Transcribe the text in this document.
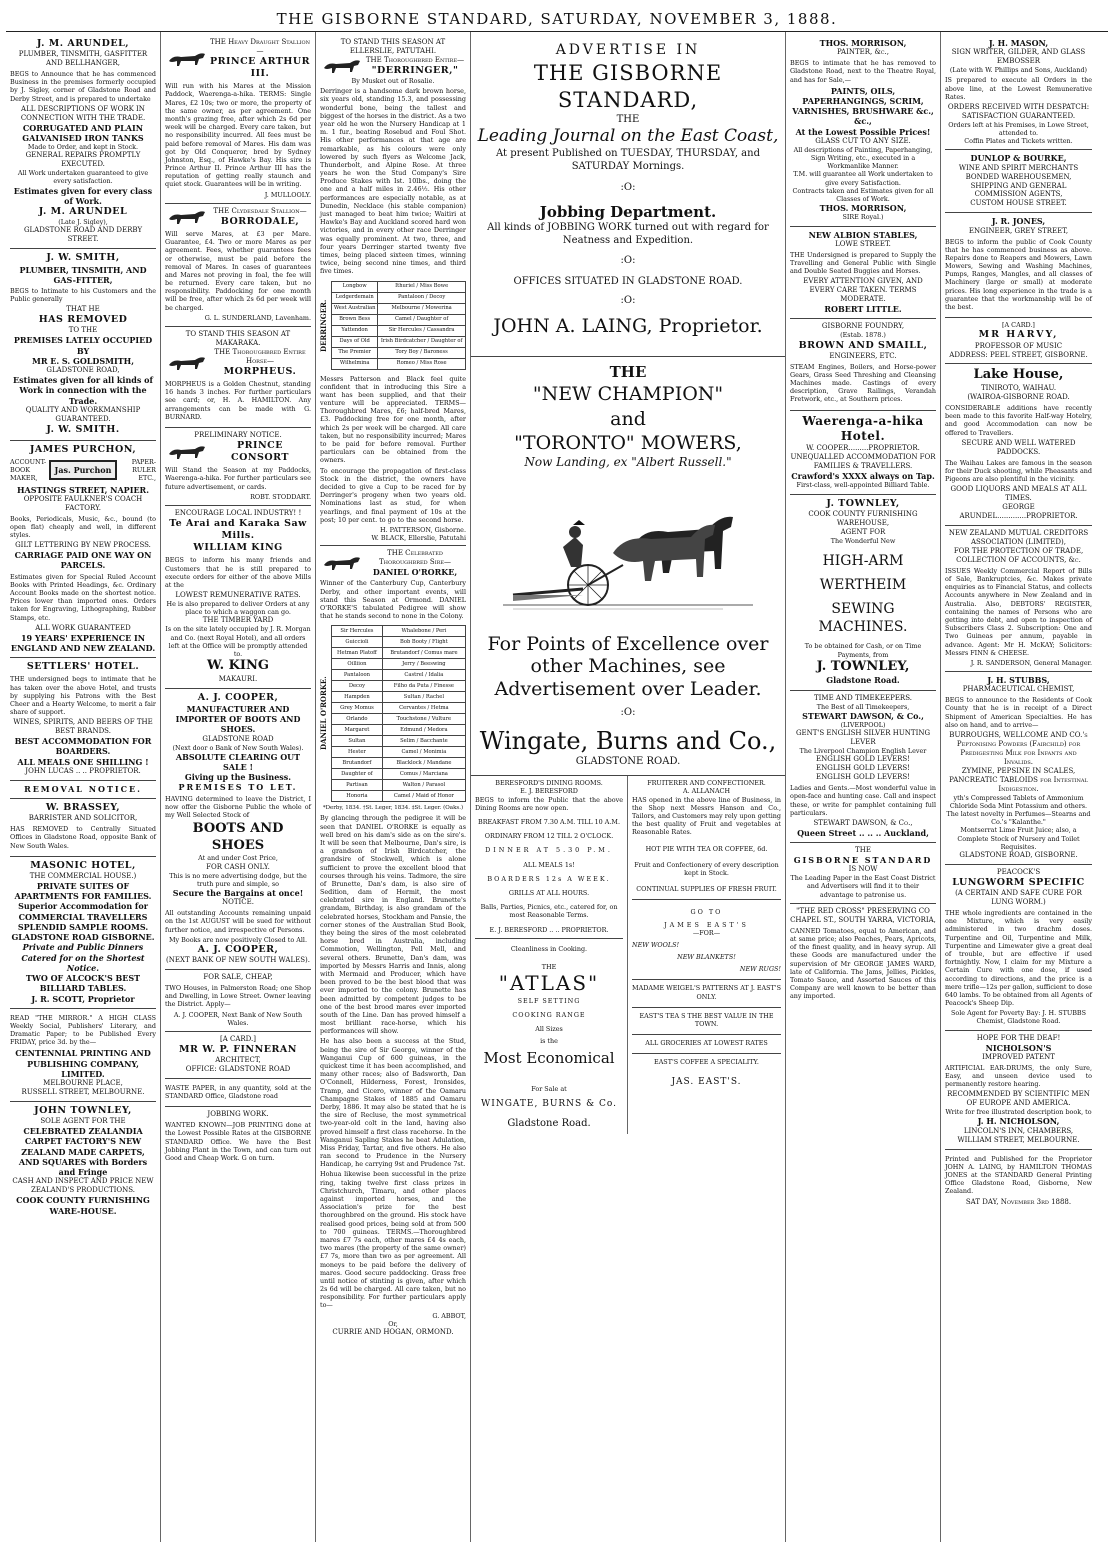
THE GISBORNE STANDARD, SATURDAY, NOVEMBER 3, 1888.
J. M. ARUNDEL,
PLUMBER, TINSMITH, GASFITTER AND BELLHANGER,

BEGS to Announce that he has commenced Business in the premises formerly occupied by J. Sigley, corner of Gladstone Road and Derby Street, and is prepared to undertake

ALL DESCRIPTIONS OF WORK IN CONNECTION WITH THE TRADE.
CORRUGATED AND PLAIN GALVANISED IRON TANKS
Made to Order, and kept in Stock.
GENERAL REPAIRS PROMPTLY EXECUTED.
All Work undertaken guaranteed to give every satisfaction.
Estimates given for every class of Work.
J. M. ARUNDEL
(Late J. Sigley),
GLADSTONE ROAD AND DERBY STREET.
J. W. SMITH,
PLUMBER, TINSMITH, AND GAS-FITTER,

BEGS to Intimate to his Customers and the Public generally

THAT HE
HAS REMOVED
TO THE
PREMISES LATELY OCCUPIED BY
MR E. S. GOLDSMITH,
GLADSTONE ROAD,
Estimates given for all kinds of Work in connection with the Trade.
QUALITY AND WORKMANSHIP GUARANTEED.
J. W. SMITH.
JAMES PURCHON,
ACCOUNT-BOOK MAKER,
Jas. Purchon
PAPER-RULER ETC.,
HASTINGS STREET, NAPIER.
OPPOSITE FAULKNER'S COACH FACTORY.

Books, Periodicals, Music, &c., bound (to open flat) cheaply and well, in different styles.

GILT LETTERING BY NEW PROCESS.
CARRIAGE PAID ONE WAY ON PARCELS.

Estimates given for Special Ruled Account Books with Printed Headings, &c. Ordinary Account Books made on the shortest notice. Prices lower than imported ones. Orders taken for Engraving, Lithographing, Rubber Stamps, etc.

ALL WORK GUARANTEED
19 YEARS' EXPERIENCE IN ENGLAND AND NEW ZEALAND.
SETTLERS' HOTEL.

THE undersigned begs to intimate that he has taken over the above Hotel, and trusts by supplying his Patrons with the Best Cheer and a Hearty Welcome, to merit a fair share of support.

WINES, SPIRITS, AND BEERS OF THE BEST BRANDS.
BEST ACCOMMODATION FOR BOARDERS.
ALL MEALS ONE SHILLING !
JOHN LUCAS .. .. PROPRIETOR.
REMOVAL NOTICE.
W. BRASSEY,
BARRISTER AND SOLICITOR,

HAS REMOVED to Centrally Situated Offices in Gladstone Road, opposite Bank of New South Wales.

MASONIC HOTEL,
THE COMMERCIAL HOUSE.)
PRIVATE SUITES OF APARTMENTS FOR FAMILIES.
Superior Accommodation for COMMERCIAL TRAVELLERS
SPLENDID SAMPLE ROOMS.
GLADSTONE ROAD GISBORNE.
Private and Public Dinners Catered for on the Shortest Notice.
TWO OF ALCOCK'S BEST BILLIARD TABLES.
J. R. SCOTT, Proprietor

READ "THE MIRROR." A HIGH CLASS Weekly Social, Publishers' Literary, and Dramatic Paper; to be Published Every FRIDAY, price 3d. by the—

CENTENNIAL PRINTING AND PUBLISHING COMPANY, LIMITED.
MELBOURNE PLACE,
RUSSELL STREET, MELBOURNE.
JOHN TOWNLEY,
SOLE AGENT FOR THE
CELEBRATED ZEALANDIA CARPET FACTORY'S NEW ZEALAND MADE CARPETS, AND SQUARES with Borders and Fringe
CASH AND INSPECT AND PRICE NEW ZEALAND'S PRODUCTIONS.
COOK COUNTY FURNISHING WARE-HOUSE.
THE Heavy Draught Stallion—
PRINCE ARTHUR III.

Will run with his Mares at the Mission Paddock, Waerenga-a-hika. TERMS: Single Mares, £2 10s; two or more, the property of the same owner, as per agreement. One month's grazing free, after which 2s 6d per week will be charged. Every care taken, but no responsibility incurred. All fees must be paid before removal of Mares. His dam was got by Old Conqueror, bred by Sydney Johnston, Esq., of Hawke's Bay. His sire is Prince Arthur II. Prince Arthur III has the reputation of getting really staunch and quiet stock. Guarantees will be in writing.

J. MULLOOLY.
THE Clydesdale Stallion—
BORRODALE,

Will serve Mares, at £3 per Mare. Guarantee, £4. Two or more Mares as per agreement. Fees, whether guarantees fees or otherwise, must be paid before the removal of Mares. In cases of guarantees and Mares not proving in foal, the fee will be returned. Every care taken, but no responsibility. Paddocking for one month will be free, after which 2s 6d per week will be charged.

G. L. SUNDERLAND, Lavenham.
TO STAND THIS SEASON AT MAKARAKA.
THE Thoroughbred Entire Horse—
MORPHEUS.

MORPHEUS is a Golden Chestnut, standing 16 hands 3 inches. For further particulars see card; or, H. A. HAMILTON. Any arrangements can be made with G. BURNARD.

PRELIMINARY NOTICE.
PRINCE CONSORT

Will Stand the Season at my Paddocks, Waerenga-a-hika. For further particulars see future advertisement, or cards.

ROBT. STODDART.
ENCOURAGE LOCAL INDUSTRY! !
Te Arai and Karaka Saw Mills.
WILLIAM KING

BEGS to inform his many friends and Customers that he is still prepared to execute orders for either of the above Mills at the

LOWEST REMUNERATIVE RATES.
He is also prepared to deliver Orders at any place to which a waggon can go.
THE TIMBER YARD
Is on the site lately occupied by J. R. Morgan and Co. (next Royal Hotel), and all orders left at the Office will be promptly attended to.
W. KING
MAKAURI.
A. J. COOPER,
MANUFACTURER AND IMPORTER OF BOOTS AND SHOES.
GLADSTONE ROAD
(Next door o Bank of New South Wales).
ABSOLUTE CLEARING OUT SALE !
Giving up the Business.
PREMISES TO LET.

HAVING determined to leave the District, I now offer the Gisborne Public the whole of my Well Selected Stock of

BOOTS AND SHOES
At and under Cost Price,
FOR CASH ONLY.
This is no mere advertising dodge, but the truth pure and simple, so
Secure the Bargains at once!
NOTICE.

All outstanding Accounts remaining unpaid on the 1st AUGUST will be sued for without further notice, and irrespective of Persons.

My Books are now positively Closed to All.
A. J. COOPER,
(NEXT BANK OF NEW SOUTH WALES).
FOR SALE, CHEAP,

TWO Houses, in Palmerston Road; one Shop and Dwelling, in Lowe Street. Owner leaving the District. Apply—

A. J. COOPER, Next Bank of New South Wales.
[A CARD.]
MR W. P. FINNERAN
ARCHITECT,
OFFICE: GLADSTONE ROAD

WASTE PAPER, in any quantity, sold at the STANDARD Office, Gladstone road

JOBBING WORK.

WANTED KNOWN—JOB PRINTING done at the Lowest Possible Rates at the GISBORNE STANDARD Office. We have the Best Jobbing Plant in the Town, and can turn out Good and Cheap Work. G on turn.

TO STAND THIS SEASON AT ELLERSLIE, PATUTAHI.
THE Thoroughbred Entire—
"DERRINGER,"
By Musket out of Rosalie.

Derringer is a handsome dark brown horse, six years old, standing 15.3, and possessing wonderful bone, being the tallest and biggest of the horses in the district. As a two year old he won the Nursery Handicap at 1 m. 1 fur., beating Rosebud and Foul Shot. His other performances at that age are remarkable, as his colours were only lowered by such flyers as Welcome Jack, Thunderbolt, and Alpine Rose. At three years he won the Stud Company's Sire Produce Stakes with Ist. 10lbs., doing the one and a half miles in 2.46½. His other performances are especially notable, as at Dunedin, Necklace (his stable companion) just managed to beat him twice; Waitiri at Hawke's Bay and Auckland scored hard won victories, and in every other race Derringer was equally prominent. At two, three, and four years Derringer started twenty five times, being placed sixteen times, winning twice, being second nine times, and third five times.

DERRINGER.
Longbow	Ithuriel / Miss Bowe
Ledgerdemain	Pantaloon / Decoy
West Australian	Melbourne / Mowerina
Brown Bess	Camel / Daughter of
Yattendon	Sir Hercules / Cassandra
Days of Old	Irish Birdcatcher / Daughter of
The Premier	Tory Boy / Baroness
Wilhelmina	Romeo / Miss Rose

Messrs Patterson and Black feel quite confident that in introducing this Sire a want has been supplied, and that their venture will be appreciated. TERMS—Thoroughbred Mares, £6; half-bred Mares, £3. Paddocking free for one month, after which 2s per week will be charged. All care taken, but no responsibility incurred; Mares to be paid for before removal. Further particulars can be obtained from the owners.

To encourage the propagation of first-class Stock in the district, the owners have decided to give a Cup to be raced for by Derringer's progeny when two years old. Nominations last as stud, for when yearlings, and final payment of 10s at the post; 10 per cent. to go to the second horse.

H. PATTERSON, Gisborne.
W. BLACK, Ellerslie, Patutahi
THE Celebrated Thoroughbred Sire—
DANIEL O'RORKE,

Winner of the Canterbury Cup, Canterbury Derby, and other important events, will stand this Season at Ormond. DANIEL O'RORKE'S tabulated Pedigree will show that he stands second to none in the Colony.

DANIEL O'RORKE.
Sir Hercules	Whalebone / Peri
Guiccioli	Bob Booty / Flight
Hetman Platoff	Brutandorf / Comus mare
Oilliion	Jerry / Beeswing
Pantaloon	Castrel / Idalia
Decoy	Filho da Puta / Finesse
Hampden	Sultan / Rachel
Grey Momus	Cervantes / Hetma
Orlando	Touchstone / Vulture
Margaret	Edmund / Medora
Sultan	Selim / Bacchante
Hester	Camel / Monimia
Brutandorf	Blacklock / Mandane
Daughter of	Comus / Marciana
Partisan	Walton / Parasol
Honoria	Camel / Maid of Honor
*Derby, 1834. †St. Leger, 1834. ‡St. Leger. (Oaks.)

By glancing through the pedigree it will be seen that DANIEL O'RORKE is equally as well bred on his dam's side as on the sire's. It will be seen that Melbourne, Dan's sire, is a grandson of Irish Birdcatcher, the grandsire of Stockwell, which is alone sufficient to prove the excellent blood that courses through his veins. Tadmore, the sire of Brunette, Dan's dam, is also sire of Sedition, dam of Hermit, the most celebrated sire in England. Brunette's grandam, Birthday, is also grandam of the celebrated horses, Stockham and Pansie, the corner stones of the Australian Stud Book, they being the sires of the most celebrated horse bred in Australia, including Commotion, Wellington, Pell Mell, and several others. Brunette, Dan's dam, was imported by Messrs Harris and Innis, along with Mermaid and Producer, which have been proved to be the best blood that was ever imported to the colony. Brunette has been admitted by competent judges to be one of the best brood mares ever imported south of the Line. Dan has proved himself a most brilliant race-horse, which his performances will show.

He has also been a success at the Stud, being the sire of Sir George, winner of the Wanganui Cup of 600 guineas, in the quickest time it has been accomplished, and many other races; also of Badsworth, Dan O'Connell, Hilderness, Forest, Ironsides, Tramp, and Cicero, winner of the Oamaru Champagne Stakes of 1885 and Oamaru Derby, 1886. It may also be stated that he is the sire of Recluse, the most symmetrical two-year-old colt in the land, having also proved himself a first class racehorse. In the Wanganui Sapling Stakes he beat Adulation, Miss Friday, Tartar, and five others. He also ran second to Prudence in the Nursery Handicap, he carrying 9st and Prudence 7st.

Hohua likewise been successful in the prize ring, taking twelve first class prizes in Christchurch, Timaru, and other places against imported horses, and the Association's prize for the best thoroughbred on the ground. His stock have realised good prices, being sold at from 500 to 700 guineas. TERMS.—Thoroughbred mares £7 7s each, other mares £4 4s each, two mares (the property of the same owner) £7 7s, more than two as per agreement. All moneys to be paid before the delivery of mares. Good secure paddocking. Grass free until notice of stinting is given, after which 2s 6d will be charged. All care taken, but no responsibility. For further particulars apply to—

G. ABBOT,
Or,
CURRIE AND HOGAN, ORMOND.
ADVERTISE IN
THE GISBORNE STANDARD,
THE
Leading Journal on the East Coast,
At present Published on TUESDAY, THURSDAY, and SATURDAY Mornings.
:O:
Jobbing Department.
All kinds of JOBBING WORK turned out with regard for Neatness and Expedition.
:O:
OFFICES SITUATED IN GLADSTONE ROAD.
:O:
JOHN A. LAING, Proprietor.
THE
"NEW CHAMPION"
and
"TORONTO" MOWERS,
Now Landing, ex "Albert Russell."
For Points of Excellence over other Machines, see Advertisement over Leader.
:O:
Wingate, Burns and Co.,
GLADSTONE ROAD.
BERESFORD'S DINING ROOMS.
E. J. BERESFORD

BEGS to inform the Public that the above Dining Rooms are now open.

BREAKFAST FROM 7.30 A.M. TILL 10 A.M.
ORDINARY FROM 12 TILL 2 O'CLOCK.
DINNER AT 5.30 P.M.
ALL MEALS 1s!
BOARDERS 12s A WEEK.
GRILLS AT ALL HOURS.
Balls, Parties, Picnics, etc., catered for, on most Reasonable Terms.
E. J. BERESFORD .. .. PROPRIETOR.
Cleanliness in Cooking.
THE
"ATLAS"
SELF SETTING
COOKING RANGE
All Sizes
is the
Most Economical
For Sale at
WINGATE, BURNS & Co.
Gladstone Road.
FRUITERER AND CONFECTIONER.
A. ALLANACH

HAS opened in the above line of Business, in the Shop next Messrs Hanson and Co., Tailors, and Customers may rely upon getting the best quality of Fruit and vegetables at Reasonable Rates.

HOT PIE WITH TEA OR COFFEE, 6d.
Fruit and Confectionery of every description kept in Stock.
CONTINUAL SUPPLIES OF FRESH FRUIT.
GO TO
JAMES EAST'S
—FOR—
NEW WOOLS!
NEW BLANKETS!
NEW RUGS!
MADAME WEIGEL'S PATTERNS AT J. EAST'S ONLY.
EAST'S TEA S THE BEST VALUE IN THE TOWN.
ALL GROCERIES AT LOWEST RATES
EAST'S COFFEE A SPECIALITY.
JAS. EAST'S.
THOS. MORRISON,
PAINTER, &c.,

BEGS to intimate that he has removed to Gladstone Road, next to the Theatre Royal, and has for Sale,—

PAINTS, OILS, PAPERHANGINGS, SCRIM, VARNISHES, BRUSHWARE &c., &c.,
At the Lowest Possible Prices!
GLASS CUT TO ANY SIZE.
All descriptions of Painting, Paperhanging, Sign Writing, etc., executed in a Workmanlike Manner.
T.M. will guarantee all Work undertaken to give every Satisfaction.
Contracts taken and Estimates given for all Classes of Work.
THOS. MORRISON,
SIRE Royal.)
NEW ALBION STABLES,
LOWE STREET.

THE Undersigned is prepared to Supply the Travelling and General Public with Single and Double Seated Buggies and Horses.

EVERY ATTENTION GIVEN, AND EVERY CARE TAKEN. TERMS MODERATE.
ROBERT LITTLE.
GISBORNE FOUNDRY,
(Estab. 1878.)
BROWN AND SMAILL,
ENGINEERS, ETC.

STEAM Engines, Boilers, and Horse-power Gears, Grass Seed Threshing and Cleansing Machines made. Castings of every description, Grave Railings, Verandah Fretwork, etc., at Southern prices.

Waerenga-a-hika Hotel.
W. COOPER.........PROPRIETOR.
UNEQUALLED ACCOMMODATION FOR FAMILIES & TRAVELLERS.
Crawford's XXXX always on Tap.
First-class, well-appointed Billiard Table.
J. TOWNLEY,
COOK COUNTY FURNISHING WAREHOUSE,
AGENT FOR
The Wonderful New
HIGH-ARM
WERTHEIM
SEWING MACHINES.
To be obtained for Cash, or on Time Payments, from
J. TOWNLEY,
Gladstone Road.
TIME AND TIMEKEEPERS.
The Best of all Timekeepers,
STEWART DAWSON, & Co.,
(LIVERPOOL)
GENT'S ENGLISH SILVER HUNTING LEVER
The Liverpool Champion English Lever
ENGLISH GOLD LEVERS!
ENGLISH GOLD LEVERS!
ENGLISH GOLD LEVERS!

Ladies and Gents.—Most wonderful value in open-face and hunting case. Call and inspect these, or write for pamphlet containing full particulars.

STEWART DAWSON, & Co.,
Queen Street .. .. .. Auckland,
THE
GISBORNE STANDARD
IS NOW
The Leading Paper in the East Coast District and Advertisers will find it to their advantage to patronise us.
"THE RED CROSS" PRESERVING CO
CHAPEL ST., SOUTH YARRA, VICTORIA,

CANNED Tomatoes, equal to American, and at same price; also Peaches, Pears, Apricots, of the finest quality, and in heavy syrup. All these Goods are manufactured under the supervision of Mr GEORGE JAMES WARD, late of California. The Jams, Jellies, Pickles, Tomato Sauce, and Assorted Sauces of this Company are well known to be better than any imported.

J. H. MASON,
SIGN WRITER, GILDER, AND GLASS EMBOSSER
(Late with W. Phillips and Sons, Auckland)

IS prepared to execute all Orders in the above line, at the Lowest Remunerative Rates.

ORDERS RECEIVED WITH DESPATCH: SATISFACTION GUARANTEED.
Orders left at his Premises, in Lowe Street, attended to.
Coffin Plates and Tickets written.
DUNLOP & BOURKE,
WINE AND SPIRIT MERCHANTS
BONDED WAREHOUSEMEN,
SHIPPING AND GENERAL COMMISSION AGENTS,
CUSTOM HOUSE STREET.
J. R. JONES,
ENGINEER, GREY STREET,

BEGS to inform the public of Cook County that he has commenced business as above. Repairs done to Reapers and Mowers, Lawn Mowers, Sewing and Washing Machines, Pumps, Ranges, Mangles, and all classes of Machinery (large or small) at moderate prices. His long experience in the trade is a guarantee that the workmanship will be of the best.

[A CARD.]
MR HARVY,
PROFESSOR OF MUSIC
ADDRESS: PEEL STREET, GISBORNE.
Lake House,
TINIROTO, WAIHAU.
(WAIROA-GISBORNE ROAD.

CONSIDERABLE additions have recently been made to this favorite Half-way Hotelry, and good Accommodation can now be offered to Travellers.

SECURE AND WELL WATERED PADDOCKS.

The Waihau Lakes are famous in the season for their Duck shooting, while Pheasants and Pigeons are also plentiful in the vicinity.

GOOD LIQUORS AND MEALS AT ALL TIMES.
GEORGE ARUNDEL.............PROPRIETOR.
NEW ZEALAND MUTUAL CREDITORS ASSOCIATION (LIMITED),
FOR THE PROTECTION OF TRADE, COLLECTION OF ACCOUNTS, &c.

ISSUES Weekly Commercial Report of Bills of Sale, Bankruptcies, &c. Makes private enquiries as to Financial Status, and collects Accounts anywhere in New Zealand and in Australia. Also, DEBTORS' REGISTER, containing the names of Persons who are getting into debt, and open to inspection of Subscribers Class 2. Subscription: One and Two Guineas per annum, payable in advance. Agent: Mr H. McKAY; Solicitors: Messrs FINN & CHEESE.

J. R. SANDERSON, General Manager.
J. H. STUBBS,
PHARMACEUTICAL CHEMIST,

BEGS to announce to the Residents of Cook County that he is in receipt of a Direct Shipment of American Specialties. He has also on hand, and to arrive—

BURROUGHS, WELLCOME AND CO.'s Peptonising Powders (Fairchild) for Predigesting Milk for Infants and Invalids.
ZYMINE, PEPSINE IN SCALES, PANCREATIC TABLOIDS for Intestinal Indigestion.
yth's Compressed Tablets of Ammonium Chloride Soda Mint Potassium and others.
The latest novelty in Perfumes—Stearns and Co.'s "Kalanthe."
Montserrat Lime Fruit Juice; also, a Complete Stock of Nursery and Toilet Requisites.
GLADSTONE ROAD, GISBORNE.
PEACOCK'S
LUNGWORM SPECIFIC
(A CERTAIN AND SAFE CURE FOR LUNG WORM.)

THE whole ingredients are contained in the one Mixture, which is very easily administered in two drachm doses. Turpentine and Oil, Turpentine and Milk, Turpentine and Limewater give a great deal of trouble, but are effective if used fortnightly. Now, I claim for my Mixture a Certain Cure with one dose, if used according to directions, and the price is a mere trifle—12s per gallon, sufficient to dose 640 lambs. To be obtained from all Agents of Peacock's Sheep Dip.

Sole Agent for Poverty Bay: J. H. STUBBS Chemist, Gladstone Road.
HOPE FOR THE DEAF!
NICHOLSON'S
IMPROVED PATENT

ARTIFICIAL EAR-DRUMS, the only Sure, Easy, and unseen device used to permanently restore hearing.

RECOMMENDED BY SCIENTIFIC MEN OF EUROPE AND AMERICA.
Write for free illustrated description book, to
J. H. NICHOLSON,
LINCOLN'S INN, CHAMBERS,
WILLIAM STREET, MELBOURNE.

Printed and Published for the Proprietor JOHN A. LAING, by HAMILTON THOMAS JONES at the STANDARD General Printing Office Gladstone Road, Gisborne, New Zealand.

SAT DAY, November 3rd 1888.
